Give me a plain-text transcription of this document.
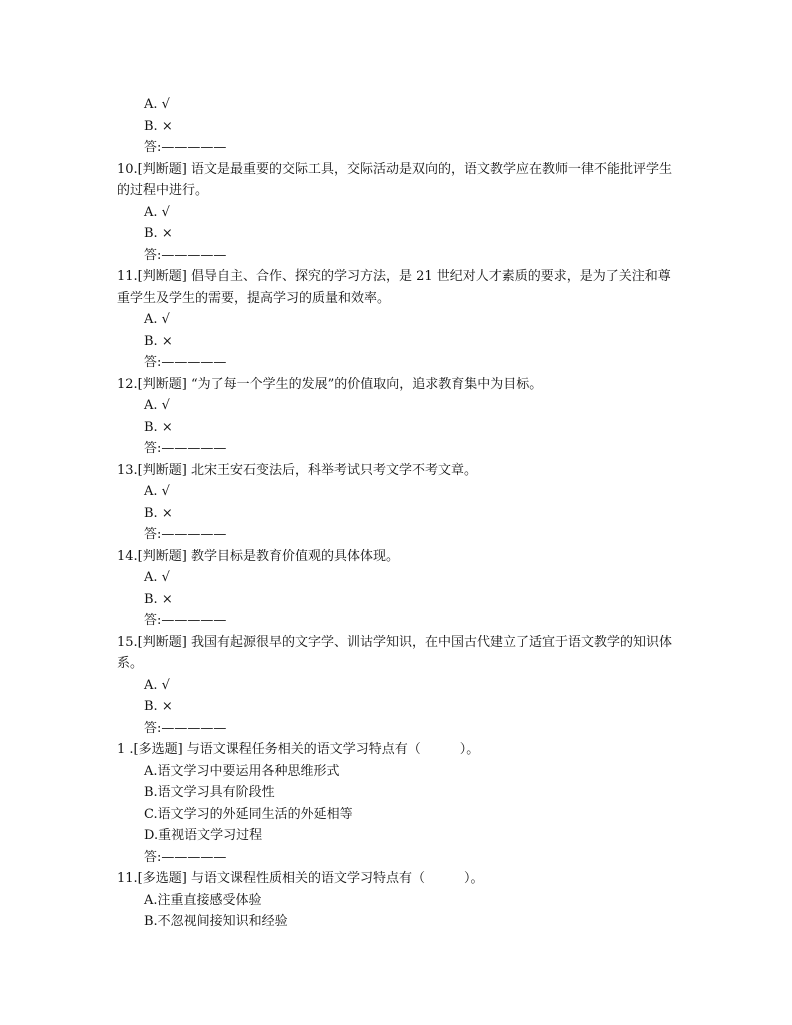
A. √

B. ×

答:—————

10.[判断题] 语文是最重要的交际工具，交际活动是双向的，语文教学应在教师一律不能批评学生的过程中进行。

A. √

B. ×

答:—————

11.[判断题] 倡导自主、合作、探究的学习方法，是 21 世纪对人才素质的要求，是为了关注和尊重学生及学生的需要，提高学习的质量和效率。

A. √

B. ×

答:—————

12.[判断题] “为了每一个学生的发展”的价值取向，追求教育集中为目标。

A. √

B. ×

答:—————

13.[判断题] 北宋王安石变法后，科举考试只考文学不考文章。

A. √

B. ×

答:—————

14.[判断题] 教学目标是教育价值观的具体体现。

A. √

B. ×

答:—————

15.[判断题] 我国有起源很早的文字学、训诂学知识，在中国古代建立了适宜于语文教学的知识体系。

A. √

B. ×

答:—————

1 .[多选题] 与语文课程任务相关的语文学习特点有（　　　）。

A.语文学习中要运用各种思维形式

B.语文学习具有阶段性

C.语文学习的外延同生活的外延相等

D.重视语文学习过程

答:—————

11.[多选题] 与语文课程性质相关的语文学习特点有（　　　）。

A.注重直接感受体验

B.不忽视间接知识和经验
